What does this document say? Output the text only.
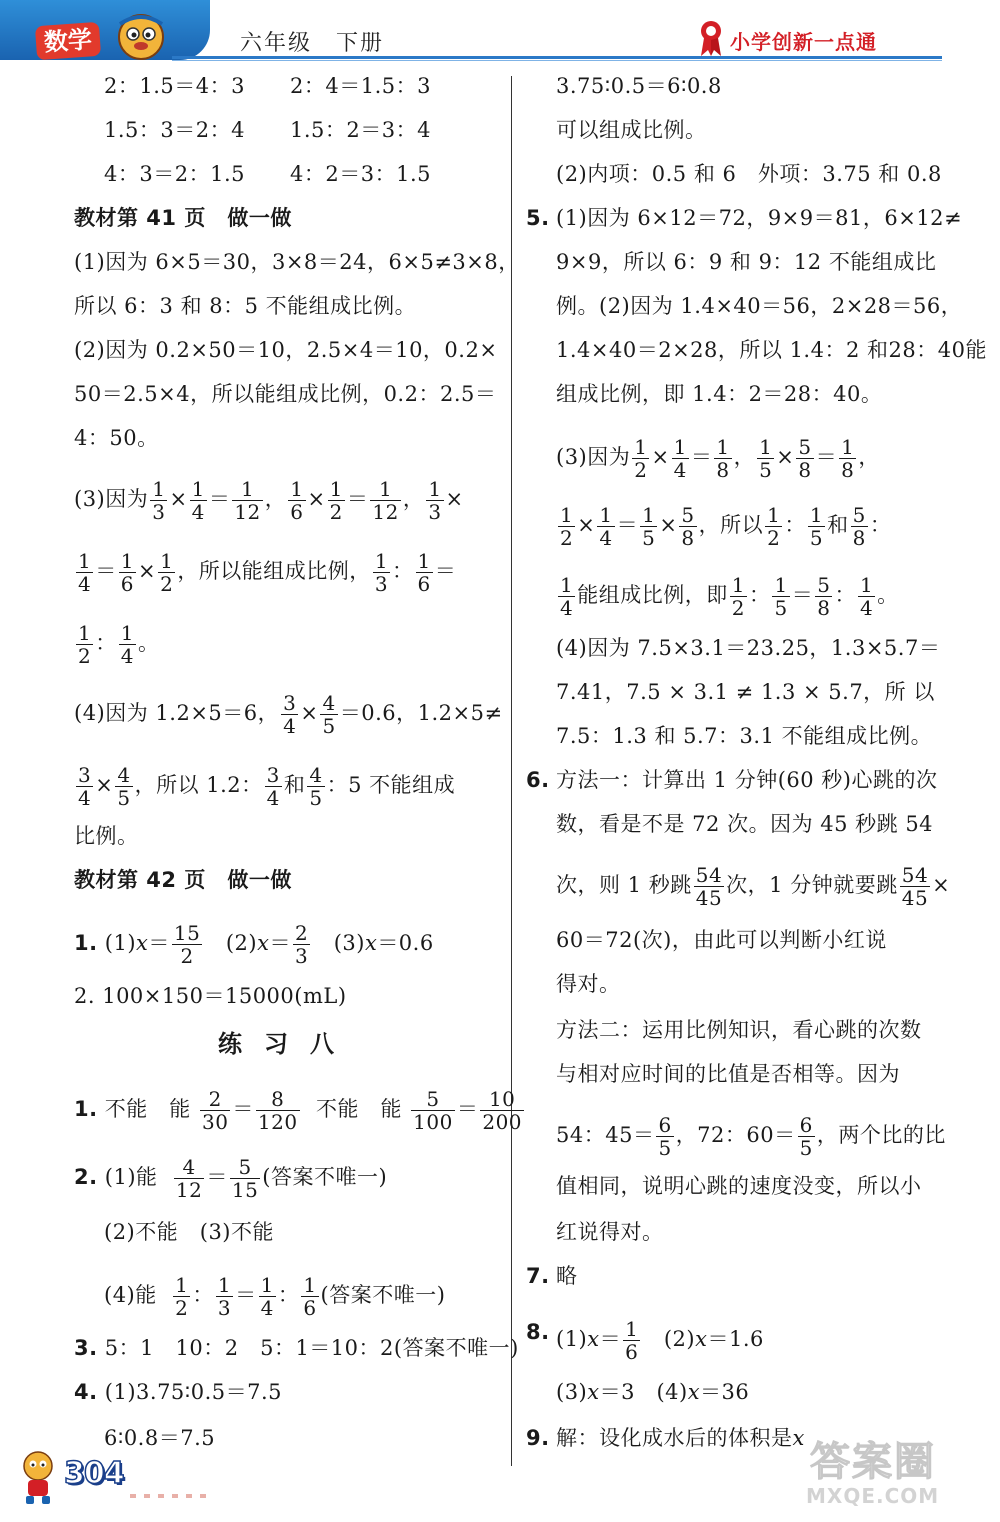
数学	六年级　下册	小学创新一点通
2：1.5＝4：3 2：4＝1.5：3
1.5：3＝2：4 1.5：2＝3：4
4：3＝2：1.5 4：2＝3：1.5
教材第 41 页　做一做
(1)因为 6×5＝30，3×8＝24，6×5≠3×8，
所以 6：3 和 8：5 不能组成比例。
(2)因为 0.2×50＝10，2.5×4＝10，0.2×
50＝2.5×4，所以能组成比例，0.2：2.5＝
4：50。
(3)因为 $\frac{1}{3} \times \frac{1}{4} = \frac{1}{12}$ ， $\frac{1}{6} \times \frac{1}{2} = \frac{1}{12}$ ， $\frac{1}{3}$ ×
$\frac{1}{4} = \frac{1}{6} \times \frac{1}{2}$ ，所以能组成比例， $\frac{1}{3}$ ： $\frac{1}{6}$ ＝
$\frac{1}{2}$ ： $\frac{1}{4}$ 。
(4)因为 1.2×5＝6， $\frac{3}{4} \times \frac{4}{5} =0.6$，1.2×5≠
$\frac{3}{4} \times \frac{4}{5}$ ，所以 1.2： $\frac{3}{4}$ 和 $\frac{4}{5}$ ：5 不能组成
比例。
教材第 42 页　做一做
1. $(1)x= \frac{15}{2} (2)x= \frac{2}{3} (3)x=0.6$
2. 100×150＝15000(mL)
练习八
1. 不能　能 $\frac{2}{30} = \frac{8}{120}$ 不能　能 $\frac{5}{100} = \frac{10}{200}$
2. (1)能 $\frac{4}{12} = \frac{5}{15}$ (答案不唯一)
(2)不能　(3)不能
(4)能 $\frac{1}{2}$ ： $\frac{1}{3} = \frac{1}{4}$ ： $\frac{1}{6}$ (答案不唯一)
3. 5：1　10：2　5：1＝10：2(答案不唯一)
4. (1)3.75∶0.5＝7.5
6∶0.8＝7.5
3.75∶0.5＝6∶0.8
可以组成比例。
(2)内项：0.5 和 6　外项：3.75 和 0.8
5. (1)因为 6×12＝72，9×9＝81，6×12≠
9×9，所以 6：9 和 9：12 不能组成比
例。(2)因为 1.4×40＝56，2×28＝56，
1.4×40＝2×28，所以 1.4：2 和28：40能
组成比例，即 1.4：2＝28：40。
(3)因为 $\frac{1}{2} \times \frac{1}{4} = \frac{1}{8}$ ， $\frac{1}{5} \times \frac{5}{8} = \frac{1}{8}$ ，
$\frac{1}{2} \times \frac{1}{4} = \frac{1}{5} \times \frac{5}{8}$ ，所以 $\frac{1}{2}$ ： $\frac{1}{5}$ 和 $\frac{5}{8}$ ：
$\frac{1}{4}$ 能组成比例，即 $\frac{1}{2}$ ： $\frac{1}{5} = \frac{5}{8}$ ： $\frac{1}{4}$ 。
(4)因为 7.5×3.1＝23.25，1.3×5.7＝
7.41，7.5 × 3.1 ≠ 1.3 × 5.7，所 以
7.5：1.3 和 5.7：3.1 不能组成比例。
6. 方法一：计算出 1 分钟(60 秒)心跳的次
数，看是不是 72 次。因为 45 秒跳 54
次，则 1 秒跳 $\frac{54}{45}$ 次，1 分钟就要跳 $\frac{54}{45}$ ×
60＝72(次)，由此可以判断小红说
得对。
方法二：运用比例知识，看心跳的次数
与相对应时间的比值是否相等。因为
54：$45= \frac{6}{5}$ ，72：$60= \frac{6}{5}$ ，两个比的比
值相同，说明心跳的速度没变，所以小
红说得对。
7. 略
8. $(1)x= \frac{1}{6} (2)x=1.6$
(3)x＝3　(4)x＝36
9. 解：设化成水后的体积是x
304	答案圈
MXQE.COM
